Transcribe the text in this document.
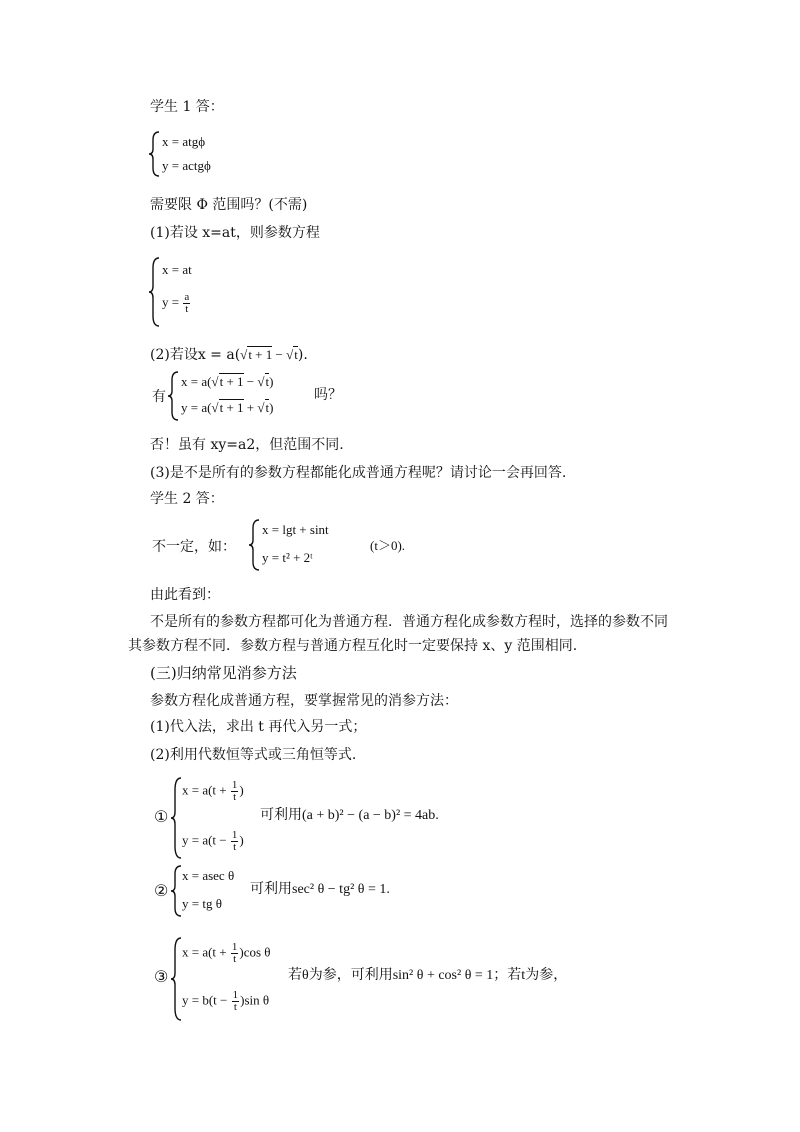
学生 1 答：
x = atgϕ
y = actgϕ
需要限 Φ 范围吗？(不需)
(1)若设 x=at，则参数方程
x = at
$y = \frac{a}{t}$
(2)若设x = a(√t + 1 − √t).
有
x = a(√t + 1 − √t)
y = a(√t + 1 + √t)
吗？
否！虽有 xy=a2，但范围不同.
(3)是不是所有的参数方程都能化成普通方程呢？请讨论一会再回答.
学生 2 答：
不一定，如：
x = lgt + sint
y = t² + 2ᵗ
(t＞0).
由此看到：
不是所有的参数方程都可化为普通方程．普通方程化成参数方程时，选择的参数不同
其参数方程不同．参数方程与普通方程互化时一定要保持 x、y 范围相同.
(三)归纳常见消参方法
参数方程化成普通方程，要掌握常见的消参方法：
(1)代入法，求出 t 再代入另一式；
(2)利用代数恒等式或三角恒等式.
①
$x = a(t + \frac{1}{t}$ )
$y = a(t - \frac{1}{t}$ )
可利用(a + b)² − (a − b)² = 4ab.
②
x = asec θ
y = tg θ
可利用sec² θ − tg² θ = 1.
③
$x = a(t + \frac{1}{t} )\cos$ θ
$y = b(t - \frac{1}{t} )\sin$ θ
若θ为参，可利用sin² θ + cos² θ = 1；若t为参，
